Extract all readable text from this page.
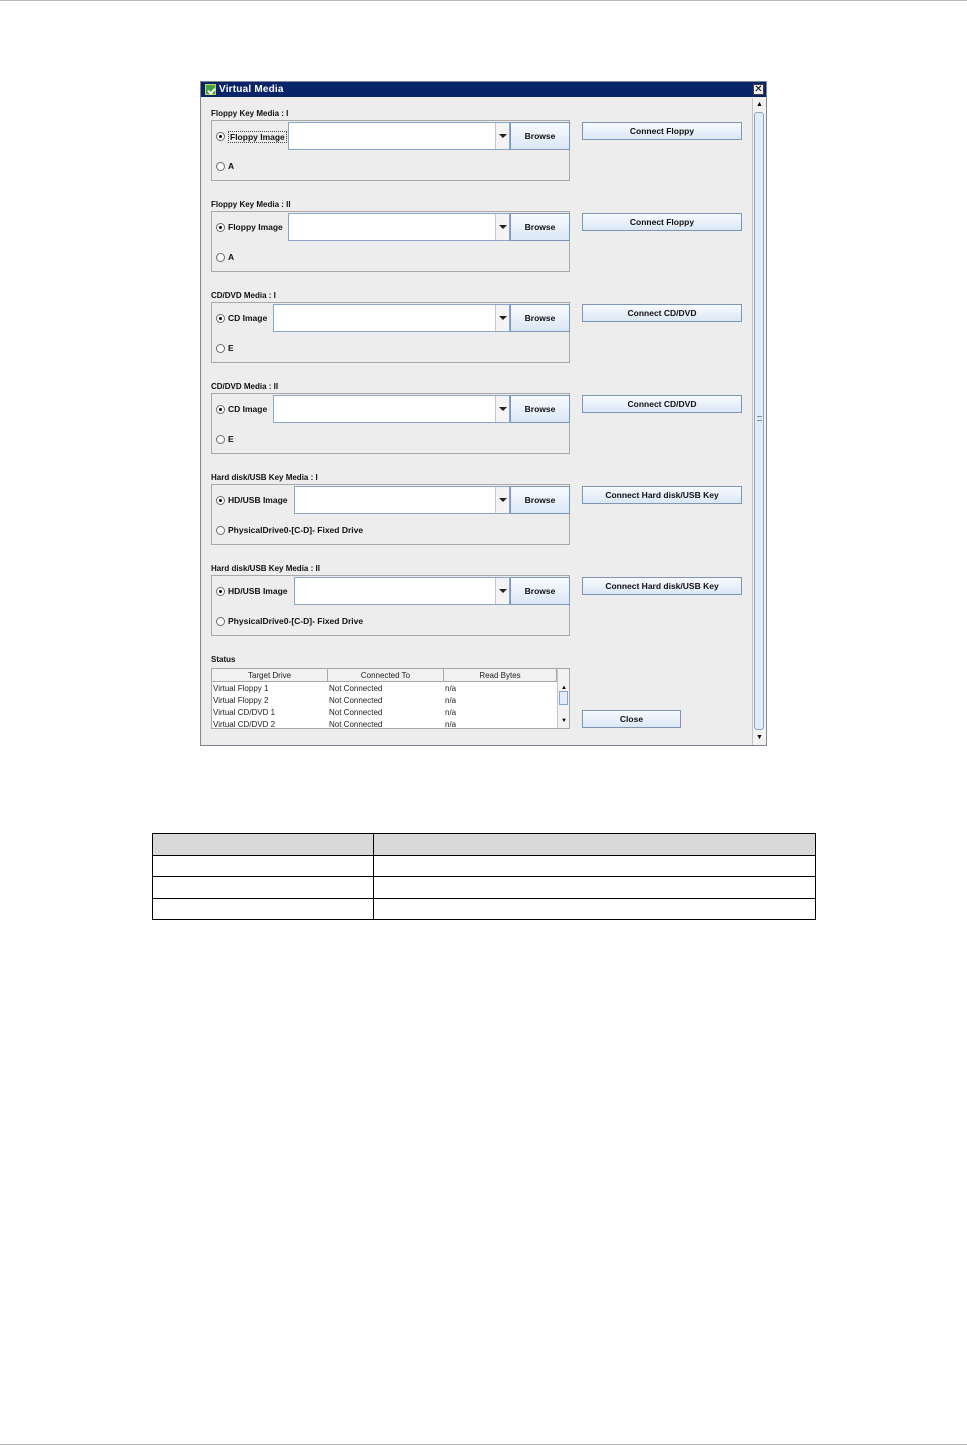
Virtual Media	✕
Floppy Key Media : I
Floppy Image	Browse
A
Connect Floppy
Floppy Key Media : II
Floppy Image	Browse
A
Connect Floppy
CD/DVD Media : I
CD Image	Browse
E
Connect CD/DVD
CD/DVD Media : II
CD Image	Browse
E
Connect CD/DVD
Hard disk/USB Key Media : I
HD/USB Image	Browse
PhysicalDrive0-[C-D]- Fixed Drive
Connect Hard disk/USB Key
Hard disk/USB Key Media : II
HD/USB Image	Browse
PhysicalDrive0-[C-D]- Fixed Drive
Connect Hard disk/USB Key
Status
Target Drive	Connected To	Read Bytes
Virtual Floppy 1	Not Connected	n/a
Virtual Floppy 2	Not Connected	n/a
Virtual CD/DVD 1	Not Connected	n/a
Virtual CD/DVD 2	Not Connected	n/a
▲
▼	Close
▲
▼
